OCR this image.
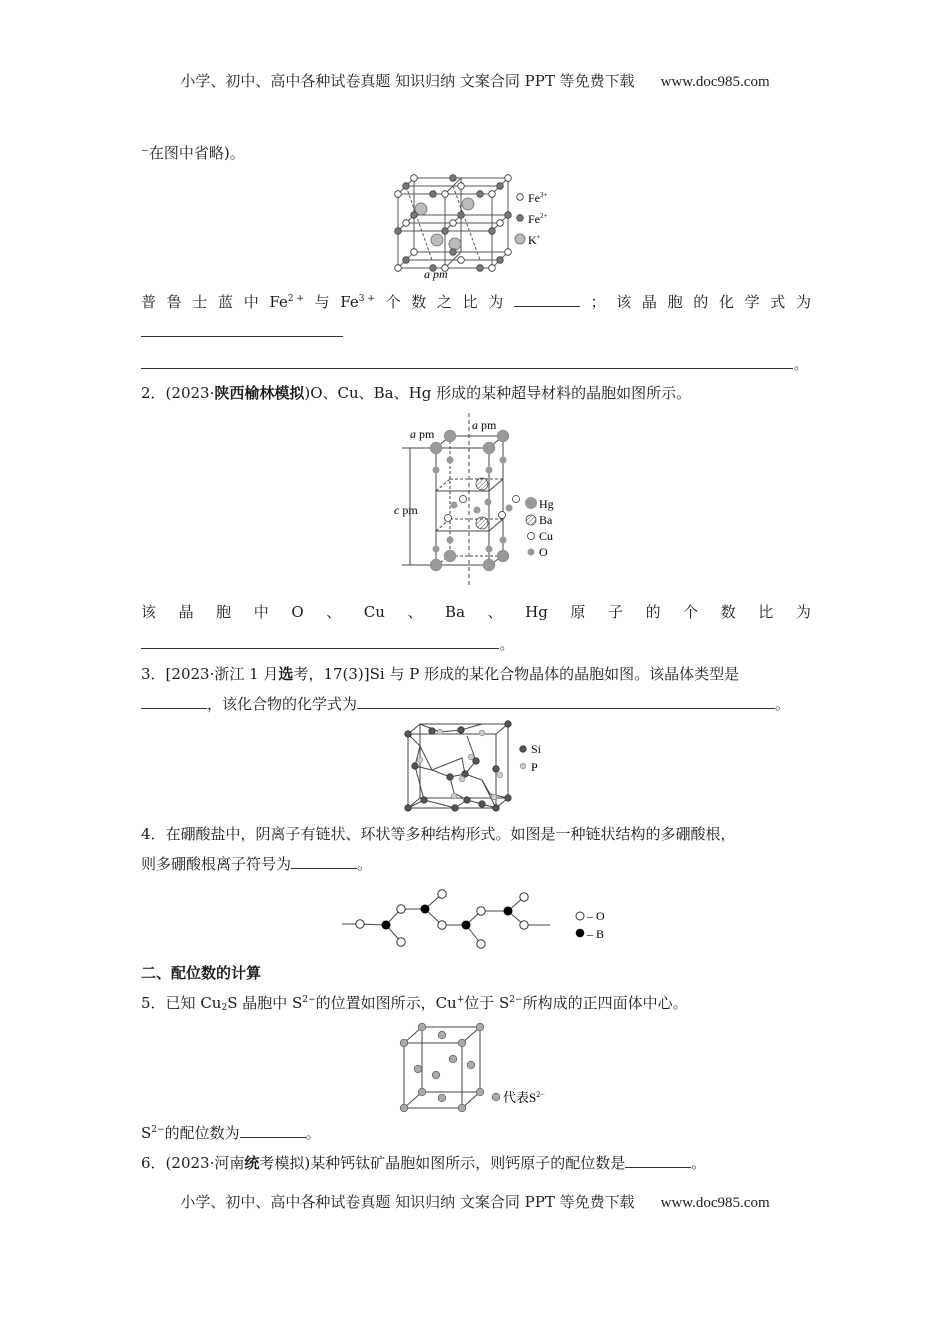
小学、初中、高中各种试卷真题 知识归纳 文案合同 PPT 等免费下载 www.doc985.com
⁻在图中省略)。
$Fe^{3+}$
$Fe^{2+}$
K+
a pm
普 鲁 士 蓝 中 $Fe^{2 +}$ 与 $Fe^{3 +}$ 个 数 之 比 为	； 该 晶 胞 的 化 学 式 为
。
2．(2023·陕西榆林模拟)O、Cu、Ba、Hg 形成的某种超导材料的晶胞如图所示。
a pm
a pm
c pm	Hg
Ba
Cu
O
该 晶 胞 中 O 、 Cu 、 Ba 、 Hg 原 子 的 个 数 比 为
。
3．[2023·浙江 1 月选考，17(3)]Si 与 P 形成的某化合物晶体的晶胞如图。该晶体类型是
，该化合物的化学式为	。
Si
P
4．在硼酸盐中，阴离子有链状、环状等多种结构形式。如图是一种链状结构的多硼酸根，
则多硼酸根离子符号为	。
– O
– B
二、配位数的计算
5．已知 $Cu_2S$ 晶胞中 $S^{2-}$的位置如图所示，Cu+位于 $S^{2-}$所构成的正四面体中心。
代表$S^{2-}$
$S^{2-}$的配位数为	。
6．(2023·河南统考模拟)某种钙钛矿晶胞如图所示，则钙原子的配位数是	。
小学、初中、高中各种试卷真题 知识归纳 文案合同 PPT 等免费下载 www.doc985.com
